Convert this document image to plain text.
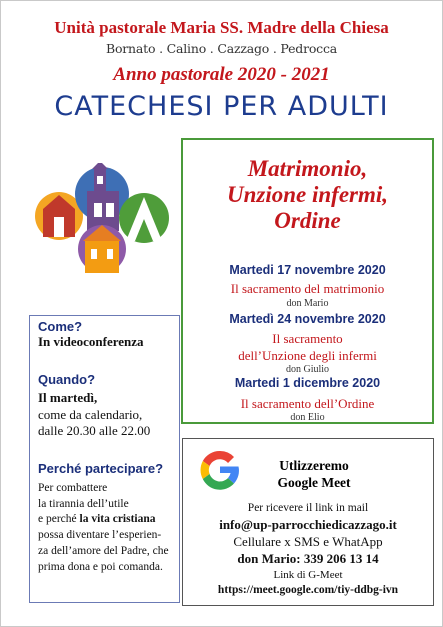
Unità pastorale Maria SS. Madre della Chiesa
Bornato . Calino . Cazzago . Pedrocca
Anno pastorale 2020 - 2021
CATECHESI PER ADULTI
Matrimonio,
Unzione infermi,
Ordine
Martedi 17 novembre 2020
Il sacramento del matrimonio
don Mario
Martedì 24 novembre 2020
Il sacramento
dell’Unzione degli infermi
don Giulio
Martedi 1 dicembre 2020
Il sacramento dell’Ordine
don Elio
Come?
In videoconferenza
Quando?
Il martedì,
come da calendario,
dalle 20.30 alle 22.00
Perché partecipare?
Per combattere
la tirannia dell’utile
e perché la vita cristiana
possa diventare l’esperien-
za dell’amore del Padre, che
prima dona e poi comanda.
Utlizzeremo
Google Meet
Per ricevere il link in mail
info@up-parrocchiedicazzago.it
Cellulare x SMS e WhatApp
don Mario: 339 206 13 14
Link di G-Meet
https://meet.google.com/tiy-ddbg-ivn
